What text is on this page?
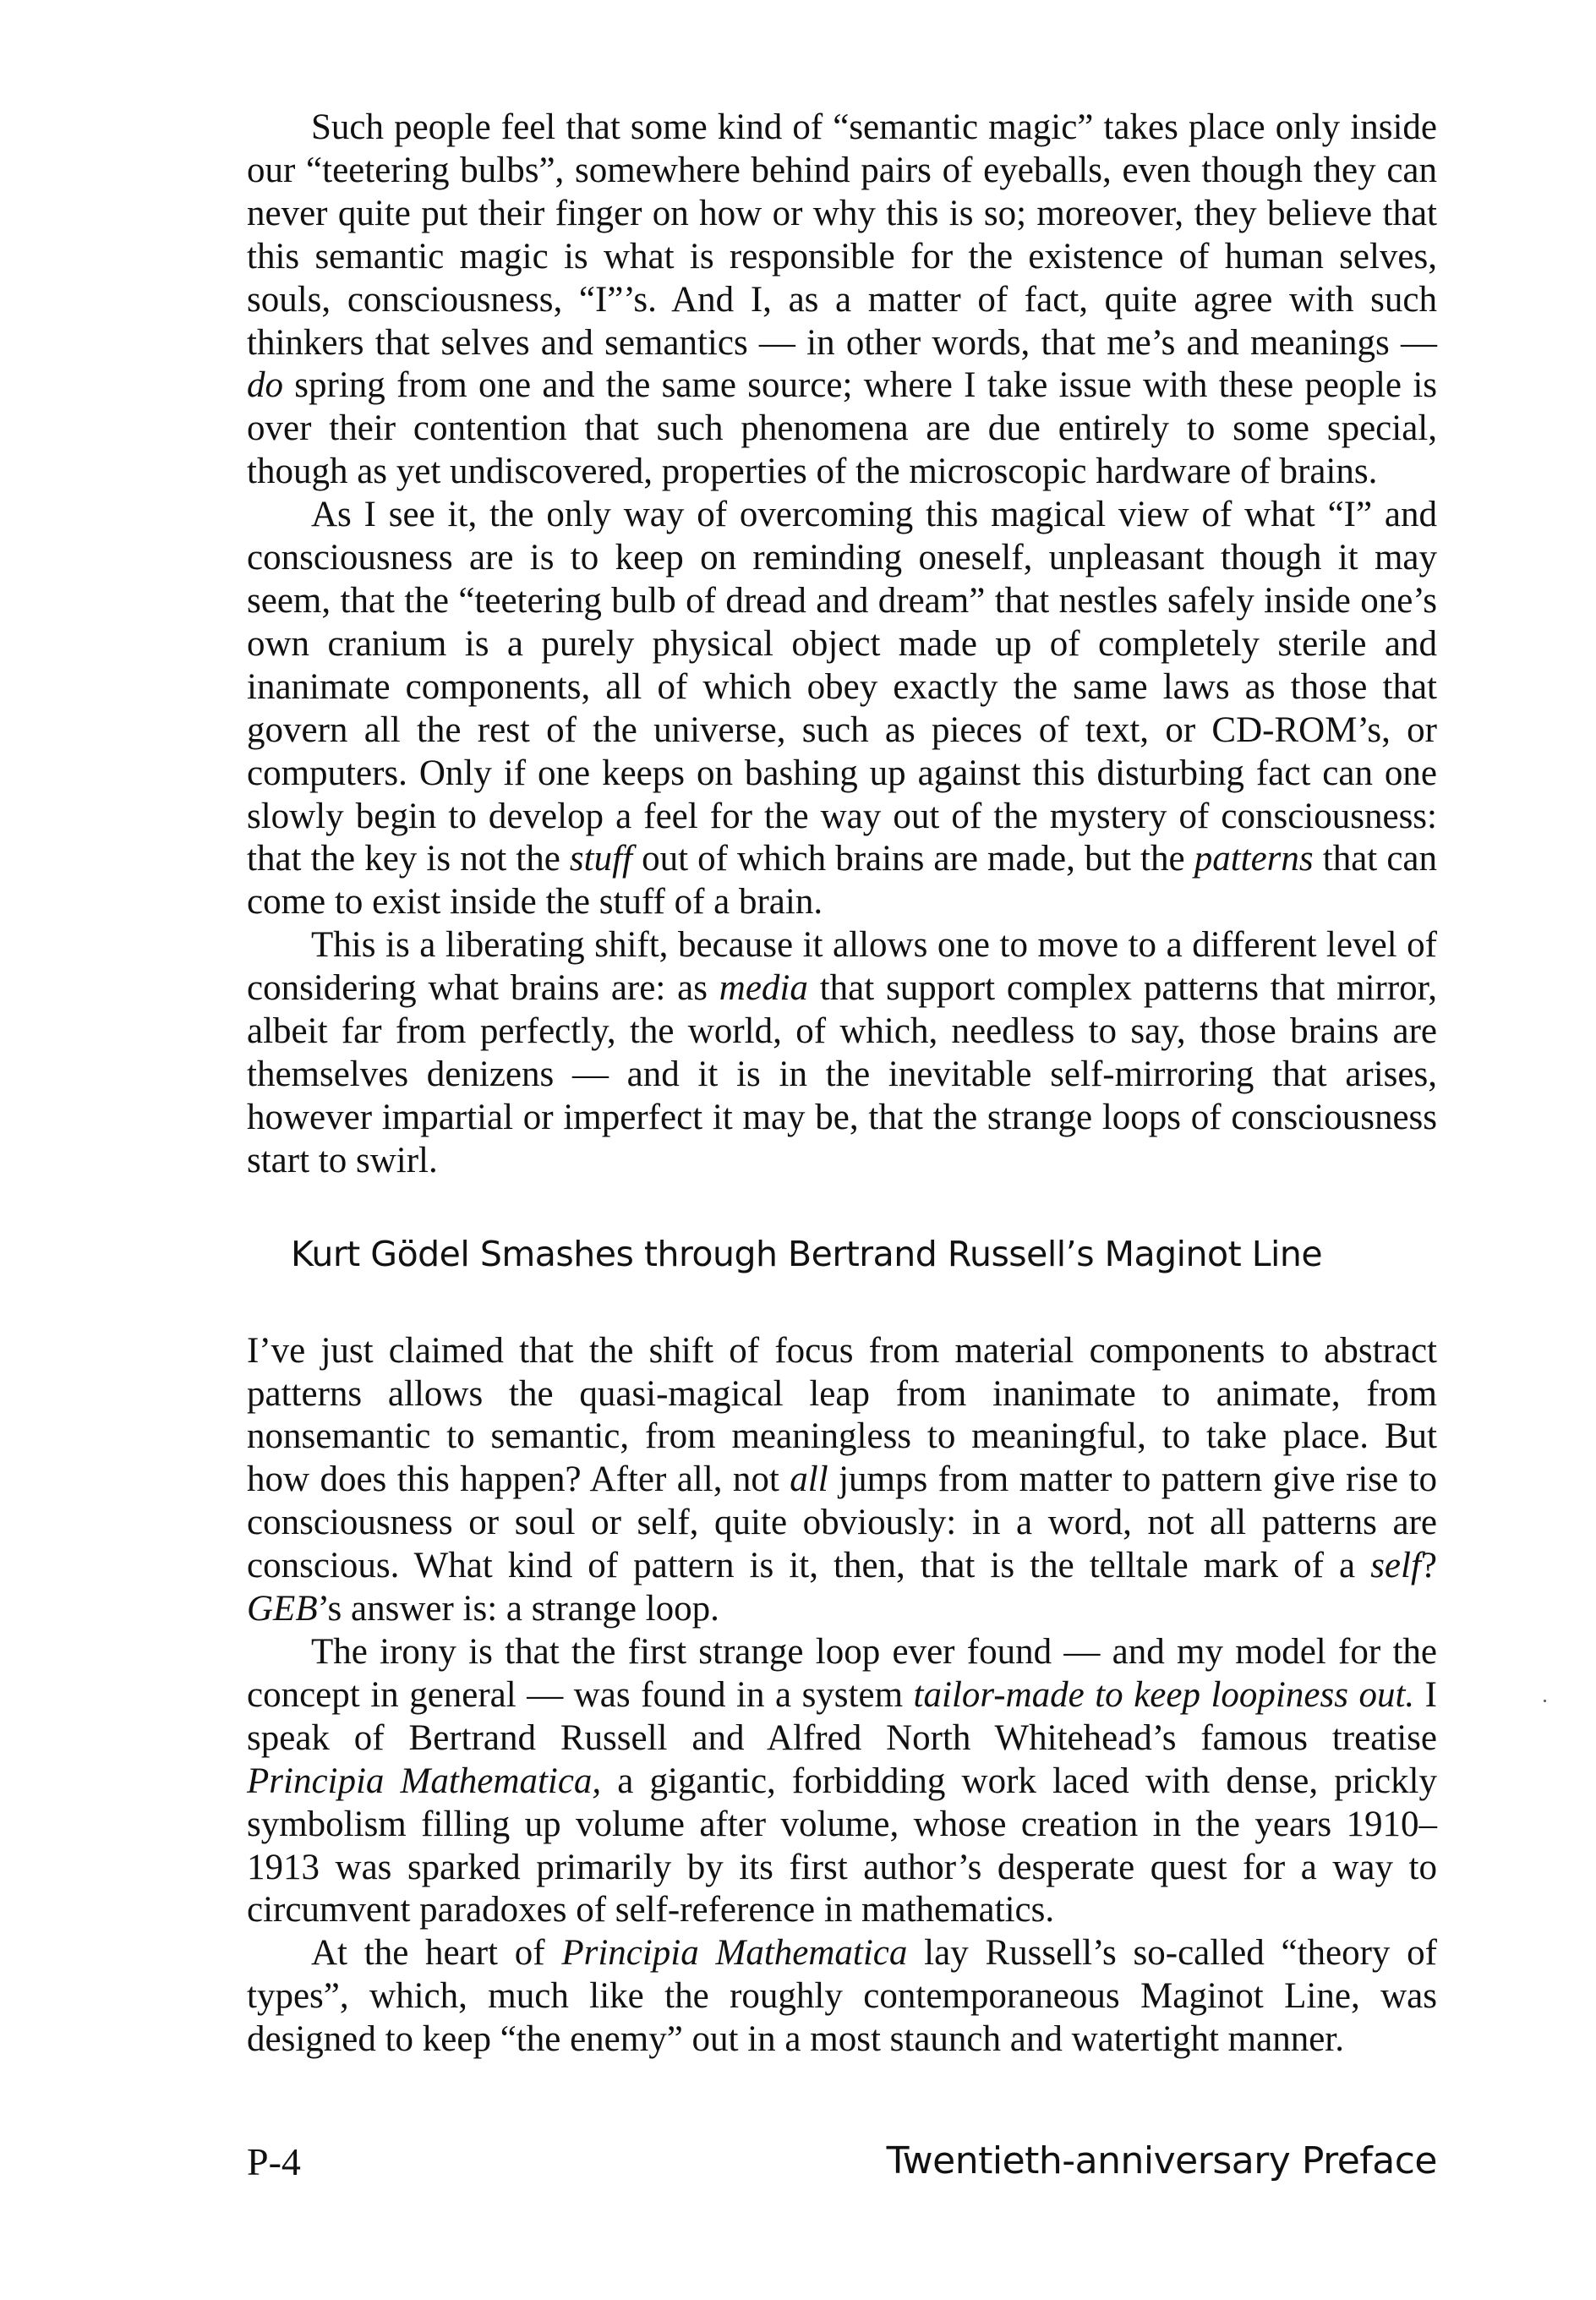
Such people feel that some kind of “semantic magic” takes place only inside our “teetering bulbs”, somewhere behind pairs of eyeballs, even though they can never quite put their finger on how or why this is so; moreover, they believe that this semantic magic is what is responsible for the existence of human selves, souls, consciousness, “I”’s. And I, as a matter of fact, quite agree with such thinkers that selves and semantics — in other words, that me’s and meanings — do spring from one and the same source; where I take issue with these people is over their contention that such phenomena are due entirely to some special, though as yet undiscovered, properties of the microscopic hardware of brains.

As I see it, the only way of overcoming this magical view of what “I” and consciousness are is to keep on reminding oneself, unpleasant though it may seem, that the “teetering bulb of dread and dream” that nestles safely inside one’s own cranium is a purely physical object made up of completely sterile and inanimate components, all of which obey exactly the same laws as those that govern all the rest of the universe, such as pieces of text, or CD-ROM’s, or computers. Only if one keeps on bashing up against this disturbing fact can one slowly begin to develop a feel for the way out of the mystery of consciousness: that the key is not the stuff out of which brains are made, but the patterns that can come to exist inside the stuff of a brain.

This is a liberating shift, because it allows one to move to a different level of considering what brains are: as media that support complex patterns that mirror, albeit far from perfectly, the world, of which, needless to say, those brains are themselves denizens — and it is in the inevitable self-mirroring that arises, however impartial or imperfect it may be, that the strange loops of consciousness start to swirl.

Kurt Gödel Smashes through Bertrand Russell’s Maginot Line

I’ve just claimed that the shift of focus from material components to abstract patterns allows the quasi-magical leap from inanimate to animate, from nonsemantic to semantic, from meaningless to meaningful, to take place. But how does this happen? After all, not all jumps from matter to pattern give rise to consciousness or soul or self, quite obviously: in a word, not all patterns are conscious. What kind of pattern is it, then, that is the telltale mark of a self? GEB’s answer is: a strange loop.

The irony is that the first strange loop ever found — and my model for the concept in general — was found in a system tailor-made to keep loopiness out. I speak of Bertrand Russell and Alfred North Whitehead’s famous treatise Principia Mathematica, a gigantic, forbidding work laced with dense, prickly symbolism filling up volume after volume, whose creation in the years 1910–1913 was sparked primarily by its first author’s desperate quest for a way to circumvent paradoxes of self-reference in mathematics.

At the heart of Principia Mathematica lay Russell’s so-called “theory of types”, which, much like the roughly contemporaneous Maginot Line, was designed to keep “the enemy” out in a most staunch and watertight manner.

P-4	Twentieth-anniversary Preface
